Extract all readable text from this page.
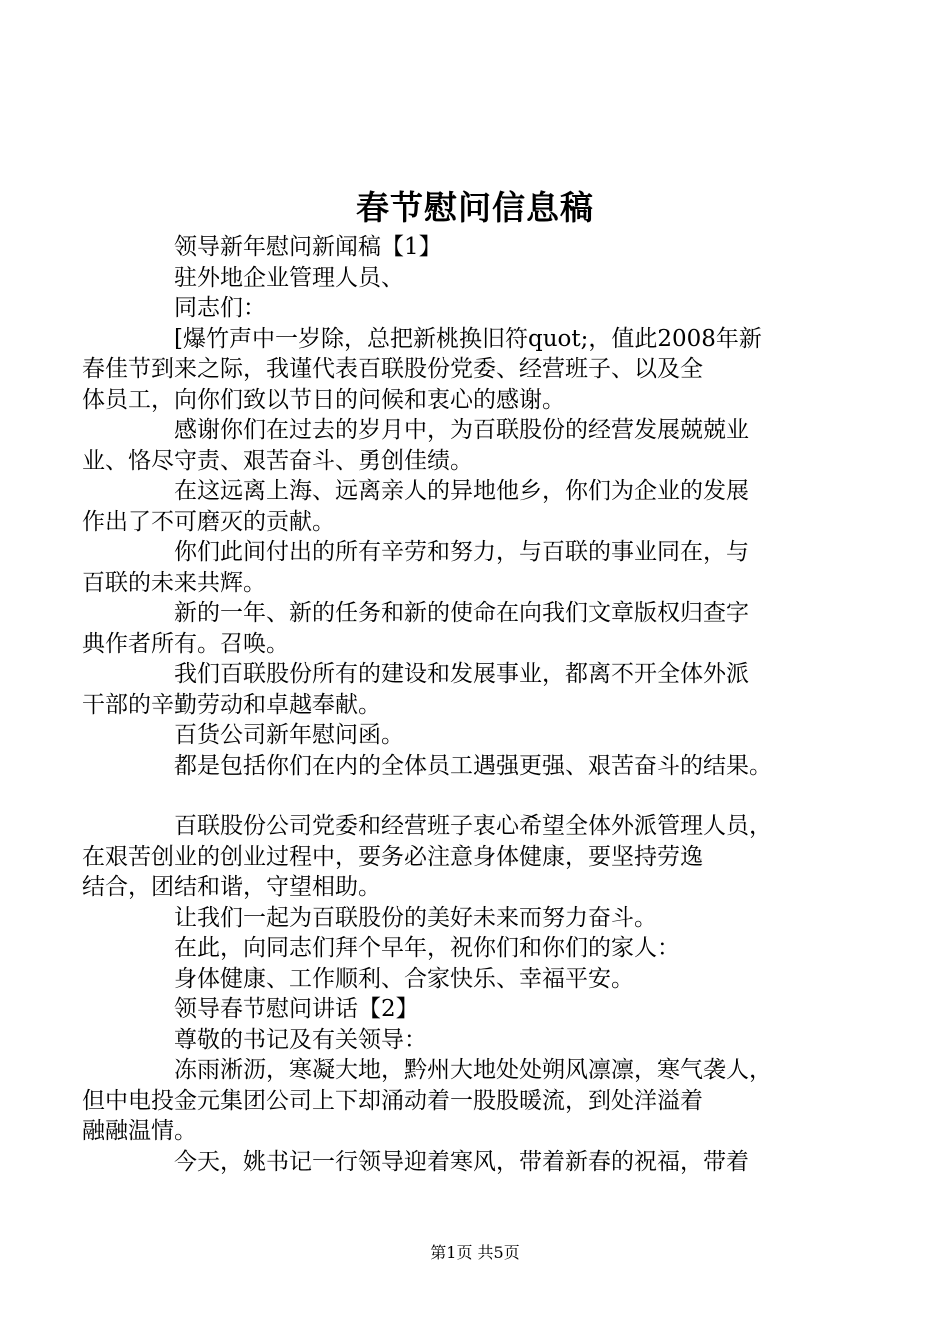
春节慰问信息稿

领导新年慰问新闻稿【1】

驻外地企业管理人员、

同志们：

[爆竹声中一岁除，总把新桃换旧符quot;，值此2008年新
春佳节到来之际，我谨代表百联股份党委、经营班子、以及全
体员工，向你们致以节日的问候和衷心的感谢。

感谢你们在过去的岁月中，为百联股份的经营发展兢兢业
业、恪尽守责、艰苦奋斗、勇创佳绩。

在这远离上海、远离亲人的异地他乡，你们为企业的发展
作出了不可磨灭的贡献。

你们此间付出的所有辛劳和努力，与百联的事业同在，与
百联的未来共辉。

新的一年、新的任务和新的使命在向我们文章版权归查字
典作者所有。召唤。

我们百联股份所有的建设和发展事业，都离不开全体外派
干部的辛勤劳动和卓越奉献。

百货公司新年慰问函。

都是包括你们在内的全体员工遇强更强、艰苦奋斗的结果。

百联股份公司党委和经营班子衷心希望全体外派管理人员，
在艰苦创业的创业过程中，要务必注意身体健康，要坚持劳逸
结合，团结和谐，守望相助。

让我们一起为百联股份的美好未来而努力奋斗。

在此，向同志们拜个早年，祝你们和你们的家人：

身体健康、工作顺利、合家快乐、幸福平安。

领导春节慰问讲话【2】

尊敬的书记及有关领导：

冻雨淅沥，寒凝大地，黔州大地处处朔风凛凛，寒气袭人，
但中电投金元集团公司上下却涌动着一股股暖流，到处洋溢着
融融温情。

今天，姚书记一行领导迎着寒风，带着新春的祝福，带着

第1页 共5页
